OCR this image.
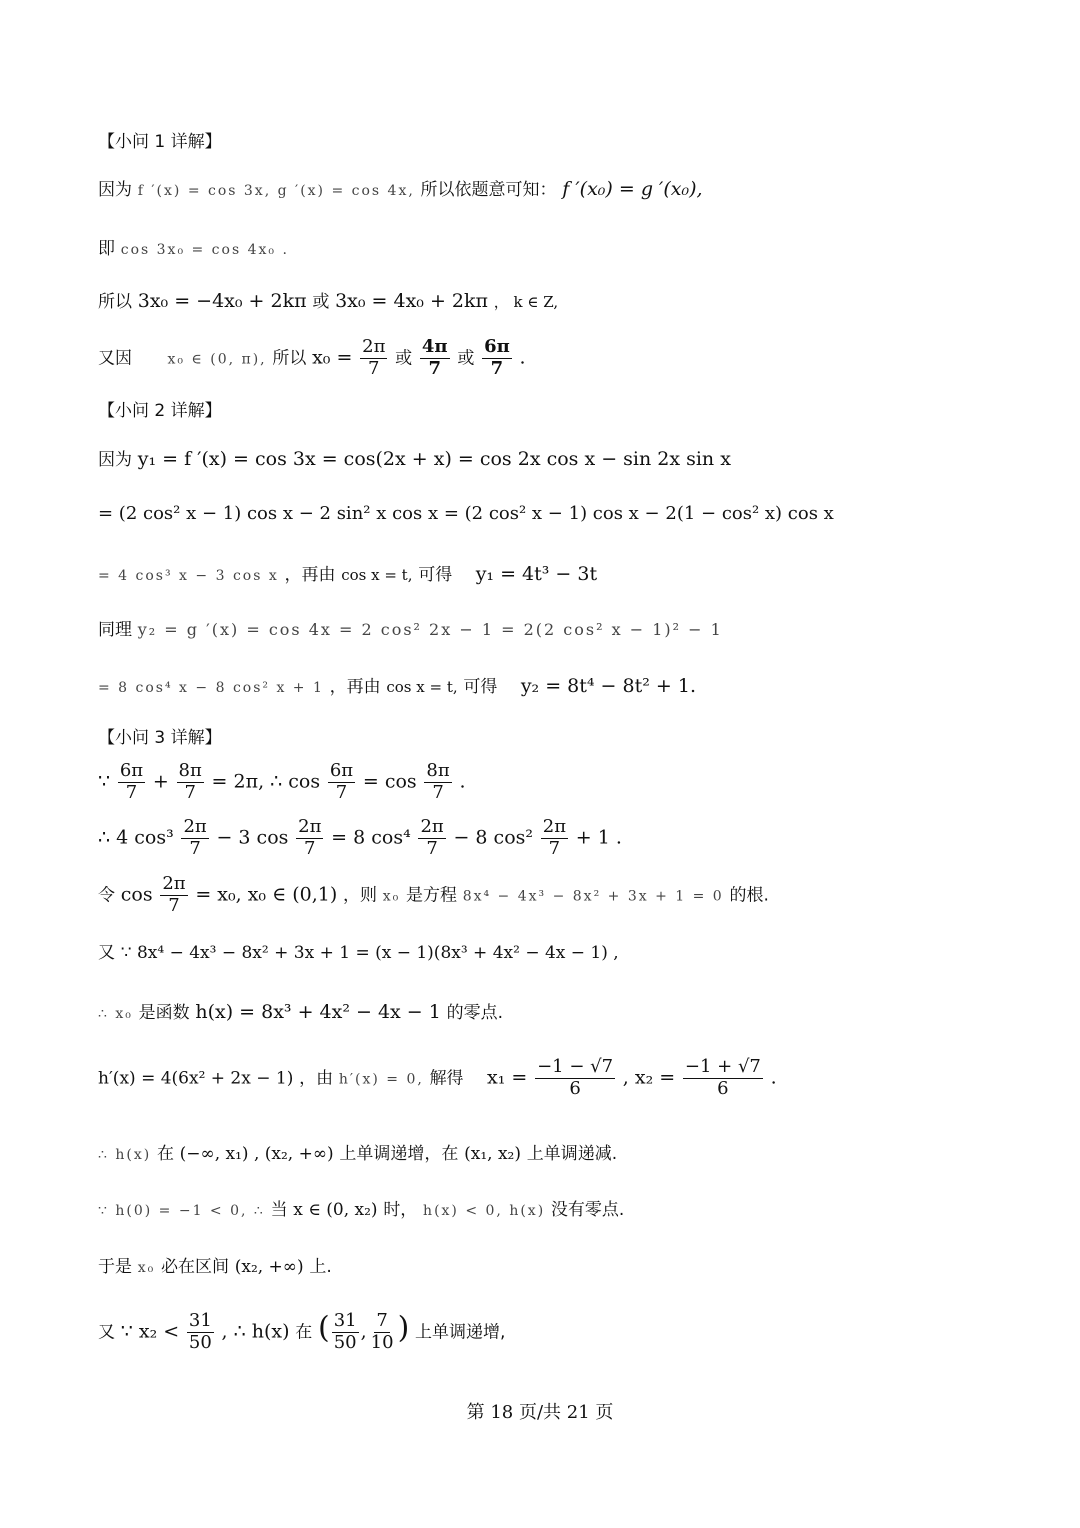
【小问 1 详解】
因为 f ′(x) = cos 3x, g ′(x) = cos 4x, 所以依题意可知： f ′(x₀) = g ′(x₀),
即 cos 3x₀ = cos 4x₀ .
所以 3x₀ = −4x₀ + 2kπ 或 3x₀ = 4x₀ + 2kπ ， k ∈ Z,
又因	x₀ ∈ (0, π), 所以 $x_0 = \frac{2\pi}{7}$ 或 $\frac{4\pi}{7}$ 或 $\frac{6\pi}{7}$ .
【小问 2 详解】
因为 y₁ = f ′(x) = cos 3x = cos(2x + x) = cos 2x cos x − sin 2x sin x
= (2 cos² x − 1) cos x − 2 sin² x cos x = (2 cos² x − 1) cos x − 2(1 − cos² x) cos x
= 4 cos³ x − 3 cos x ，再由 cos x = t, 可得 y₁ = 4t³ − 3t
同理 y₂ = g ′(x) = cos 4x = 2 cos² 2x − 1 = 2(2 cos² x − 1)² − 1
= 8 cos⁴ x − 8 cos² x + 1 ，再由 cos x = t, 可得 y₂ = 8t⁴ − 8t² + 1.
【小问 3 详解】
∵ $\frac{6\pi}{7} + \frac{8\pi}{7} = 2\pi$, ∴ $\cos \frac{6\pi}{7} = \cos \frac{8\pi}{7}$ .
∴ 4 $\cos^3 \frac{2\pi}{7} - 3$ $\cos \frac{2\pi}{7} = 8$ $\cos^4 \frac{2\pi}{7} - 8$ $\cos^2 \frac{2\pi}{7} + 1$ .
令 $\cos \frac{2\pi}{7} = x_0$, x₀ ∈ (0,1) ，则 x₀ 是方程 8x⁴ − 4x³ − 8x² + 3x + 1 = 0 的根.
又 ∵ 8x⁴ − 4x³ − 8x² + 3x + 1 = (x − 1)(8x³ + 4x² − 4x − 1) ,
∴ x₀ 是函数 h(x) = 8x³ + 4x² − 4x − 1 的零点.
h′(x) = 4(6x² + 2x − 1) ，由 h′(x) = 0, 解得 $x_1 = \frac{-1 - √7}{6}$ , $x_2 = \frac{-1 + √7}{6}$ .
∴ h(x) 在 (−∞, x₁) , (x₂, +∞) 上单调递增，在 (x₁, x₂) 上单调递减.
∵ h(0) = −1 < 0, ∴ 当 x ∈ (0, x₂) 时， h(x) < 0, h(x) 没有零点.
于是 x₀ 必在区间 (x₂, +∞) 上.
又 ∵ $x_2 < \frac{31}{50}$ , ∴ h(x) 在 ( $\frac{31}{50}$ , $\frac{7}{10}$ ) 上单调递增,
第 18 页/共 21 页
